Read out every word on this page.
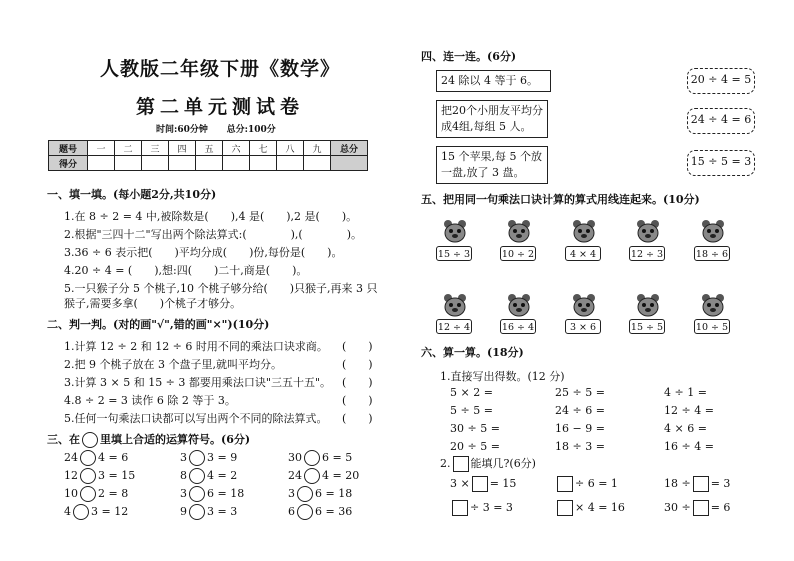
人教版二年级下册《数学》
第二单元测试卷
时间:60分钟 总分:100分
题号	一	二	三	四	五	六	七	八	九	总分
得分										
一、填一填。(每小题2分,共10分)
1.在 8 ÷ 2 = 4 中,被除数是(　　),4 是(　　),2 是(　　)。
2.根据"三四十二"写出两个除法算式:(　　　　),(　　　　)。
3.36 ÷ 6 表示把(　　)平均分成(　　)份,每份是(　　)。
4.20 ÷ 4 = (　　),想:四(　　)二十,商是(　　)。
5.一只猴子分 5 个桃子,10 个桃子够分给(　　)只猴子,再来 3 只
猴子,需要多拿(　　)个桃子才够分。
二、判一判。(对的画"√",错的画"×")(10分)
1.计算 12 ÷ 2 和 12 ÷ 6 时用不同的乘法口诀求商。 (　　)
2.把 9 个桃子放在 3 个盘子里,就叫平均分。	(　　)
3.计算 3 × 5 和 15 ÷ 3 都要用乘法口诀"三五十五"。 (　　)
4.8 ÷ 2 = 3 读作 6 除 2 等于 3。	(　　)
5.任何一句乘法口诀都可以写出两个不同的除法算式。 (　　)
三、在 里填上合适的运算符号。(6分)
24 4 = 6	3 3 = 9	30 6 = 5
12 3 = 15	8 4 = 2	24 4 = 20
10 2 = 8	3 6 = 18	3 6 = 18
4 3 = 12	9 3 = 3	6 6 = 36
四、连一连。(6分)
24 除以 4 等于 6。
把20个小朋友平均分成4组,每组 5 人。
15 个苹果,每 5 个放一盘,放了 3 盘。
20 ÷ 4 = 5
24 ÷ 4 = 6
15 ÷ 5 = 3
五、把用同一句乘法口诀计算的算式用线连起来。(10分)
六、算一算。(18分)
1.直接写出得数。(12 分)
2. 能填几?(6分)
15 ÷ 3	10 ÷ 2	4 × 4	12 ÷ 3	18 ÷ 6
12 ÷ 4	16 ÷ 4	3 × 6	15 ÷ 5	10 ÷ 5
5 × 2 =	25 ÷ 5 =	4 ÷ 1 =
5 ÷ 5 =	24 ÷ 6 =	12 ÷ 4 =
30 ÷ 5 =	16 − 9 =	4 × 6 =
20 ÷ 5 =	18 ÷ 3 =	16 ÷ 4 =
3 × = 15	÷ 6 = 1	18 ÷ = 3
÷ 3 = 3	× 4 = 16	30 ÷ = 6
